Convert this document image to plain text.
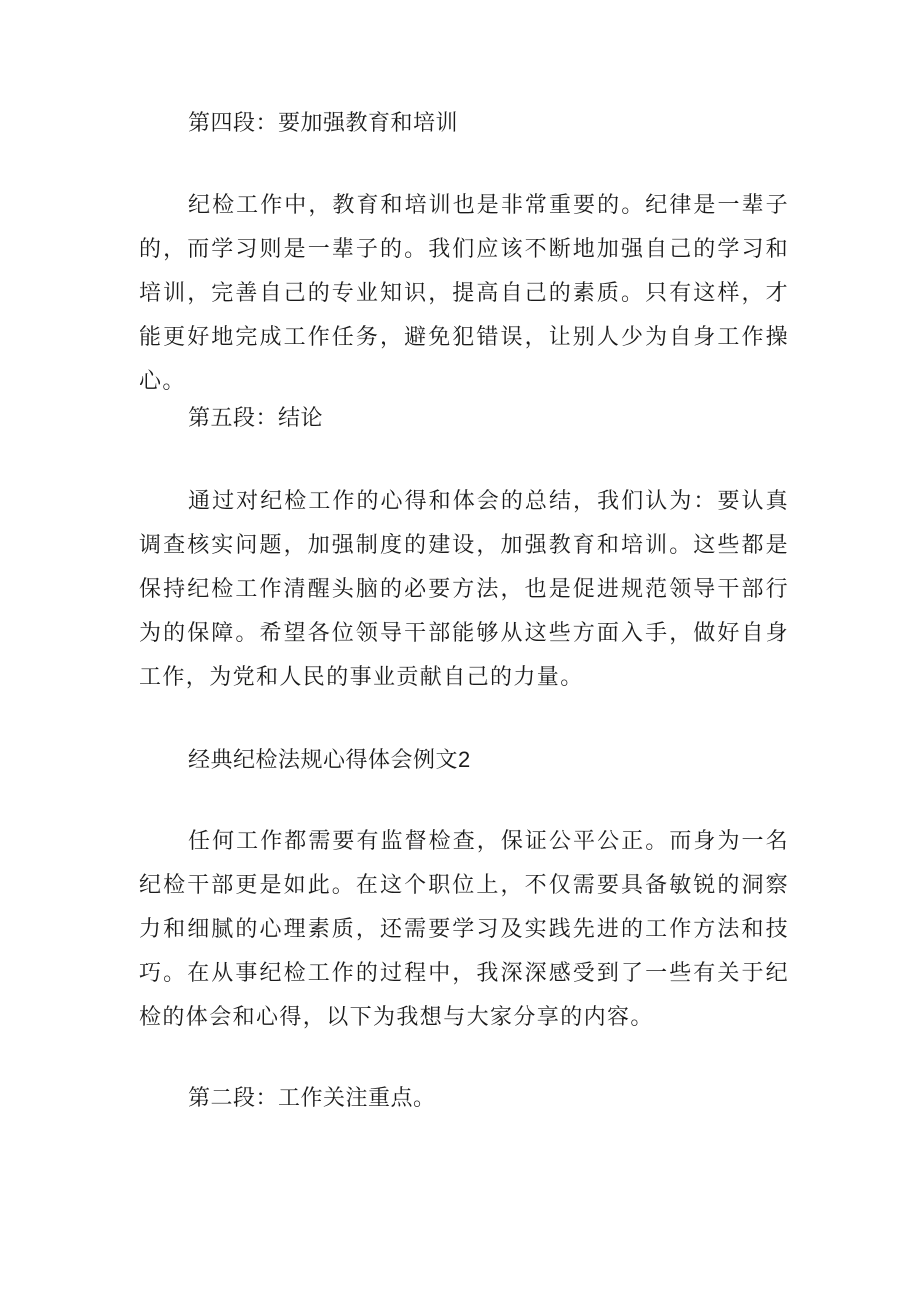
第四段：要加强教育和培训
纪检工作中，教育和培训也是非常重要的。纪律是一辈子的，而学习则是一辈子的。我们应该不断地加强自己的学习和培训，完善自己的专业知识，提高自己的素质。只有这样，才能更好地完成工作任务，避免犯错误，让别人少为自身工作操心。
第五段：结论
通过对纪检工作的心得和体会的总结，我们认为：要认真调查核实问题，加强制度的建设，加强教育和培训。这些都是保持纪检工作清醒头脑的必要方法，也是促进规范领导干部行为的保障。希望各位领导干部能够从这些方面入手，做好自身工作，为党和人民的事业贡献自己的力量。
经典纪检法规心得体会例文2
任何工作都需要有监督检查，保证公平公正。而身为一名纪检干部更是如此。在这个职位上，不仅需要具备敏锐的洞察力和细腻的心理素质，还需要学习及实践先进的工作方法和技巧。在从事纪检工作的过程中，我深深感受到了一些有关于纪检的体会和心得，以下为我想与大家分享的内容。
第二段：工作关注重点。
